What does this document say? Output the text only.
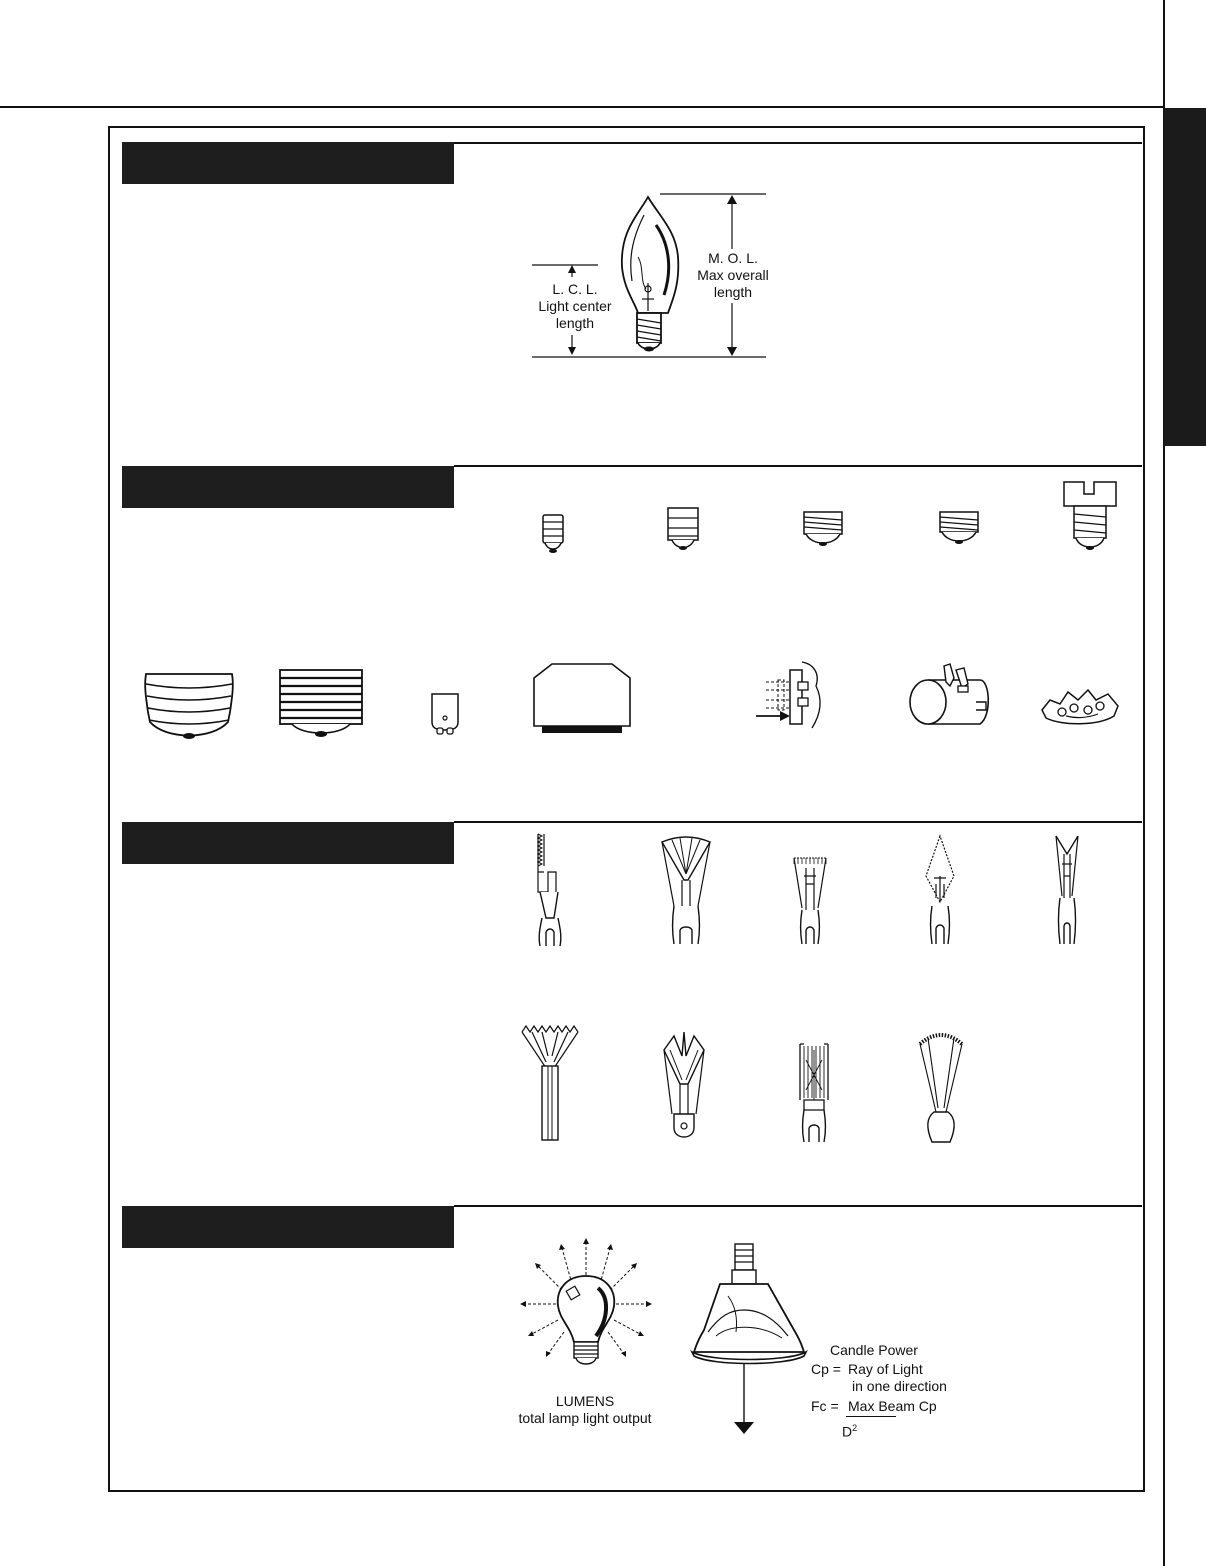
L. C. L.
Light center
length
M. O. L.
Max overall
length
LUMENS
total lamp light output
Candle Power
Cp = Ray of Light
in one direction
Fc = Max Beam Cp
$D^2$
